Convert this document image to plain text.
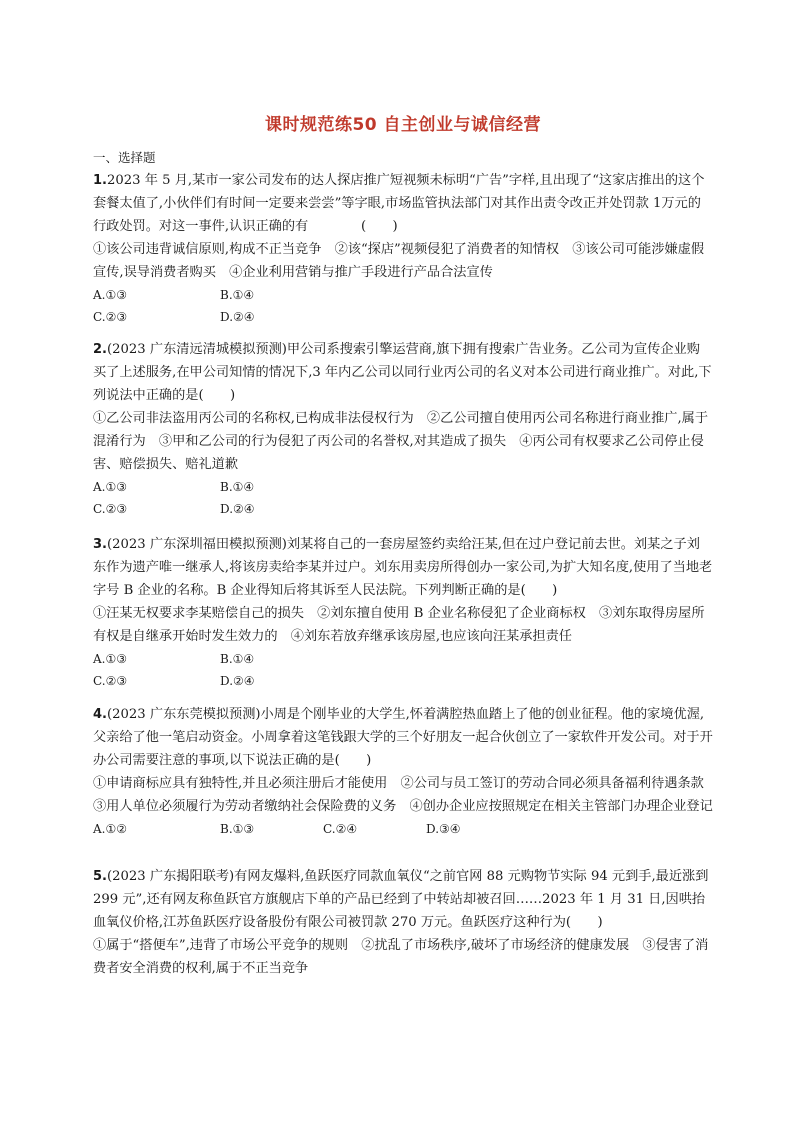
课时规范练50 自主创业与诚信经营
一、选择题

1.2023 年 5 月,某市一家公司发布的达人探店推广短视频未标明“广告”字样,且出现了“这家店推出的这个套餐太值了,小伙伴们有时间一定要来尝尝”等字眼,市场监管执法部门对其作出责令改正并处罚款 1万元的行政处罚。对这一事件,认识正确的有　　　　(　　)

①该公司违背诚信原则,构成不正当竞争　②该“探店”视频侵犯了消费者的知情权　③该公司可能涉嫌虚假宣传,误导消费者购买　④企业利用营销与推广手段进行产品合法宣传

A.①③	B.①④
C.②③	D.②④

2.(2023 广东清远清城模拟预测)甲公司系搜索引擎运营商,旗下拥有搜索广告业务。乙公司为宣传企业购买了上述服务,在甲公司知情的情况下,3 年内乙公司以同行业丙公司的名义对本公司进行商业推广。对此,下列说法中正确的是(　　)

①乙公司非法盗用丙公司的名称权,已构成非法侵权行为　②乙公司擅自使用丙公司名称进行商业推广,属于混淆行为　③甲和乙公司的行为侵犯了丙公司的名誉权,对其造成了损失　④丙公司有权要求乙公司停止侵害、赔偿损失、赔礼道歉

A.①③	B.①④
C.②③	D.②④

3.(2023 广东深圳福田模拟预测)刘某将自己的一套房屋签约卖给汪某,但在过户登记前去世。刘某之子刘东作为遗产唯一继承人,将该房卖给李某并过户。刘东用卖房所得创办一家公司,为扩大知名度,使用了当地老字号 B 企业的名称。B 企业得知后将其诉至人民法院。下列判断正确的是(　　)

①汪某无权要求李某赔偿自己的损失　②刘东擅自使用 B 企业名称侵犯了企业商标权　③刘东取得房屋所有权是自继承开始时发生效力的　④刘东若放弃继承该房屋,也应该向汪某承担责任

A.①③	B.①④
C.②③	D.②④

4.(2023 广东东莞模拟预测)小周是个刚毕业的大学生,怀着满腔热血踏上了他的创业征程。他的家境优渥,父亲给了他一笔启动资金。小周拿着这笔钱跟大学的三个好朋友一起合伙创立了一家软件开发公司。对于开办公司需要注意的事项,以下说法正确的是(　　)

①申请商标应具有独特性,并且必须注册后才能使用　②公司与员工签订的劳动合同必须具备福利待遇条款　③用人单位必须履行为劳动者缴纳社会保险费的义务　④创办企业应按照规定在相关主管部门办理企业登记

A.①②	B.①③	C.②④	D.③④

5.(2023 广东揭阳联考)有网友爆料,鱼跃医疗同款血氧仪“之前官网 88 元购物节实际 94 元到手,最近涨到 299 元”,还有网友称鱼跃官方旗舰店下单的产品已经到了中转站却被召回……2023 年 1 月 31 日,因哄抬血氧仪价格,江苏鱼跃医疗设备股份有限公司被罚款 270 万元。鱼跃医疗这种行为(　　)

①属于“搭便车”,违背了市场公平竞争的规则　②扰乱了市场秩序,破坏了市场经济的健康发展　③侵害了消费者安全消费的权利,属于不正当竞争
